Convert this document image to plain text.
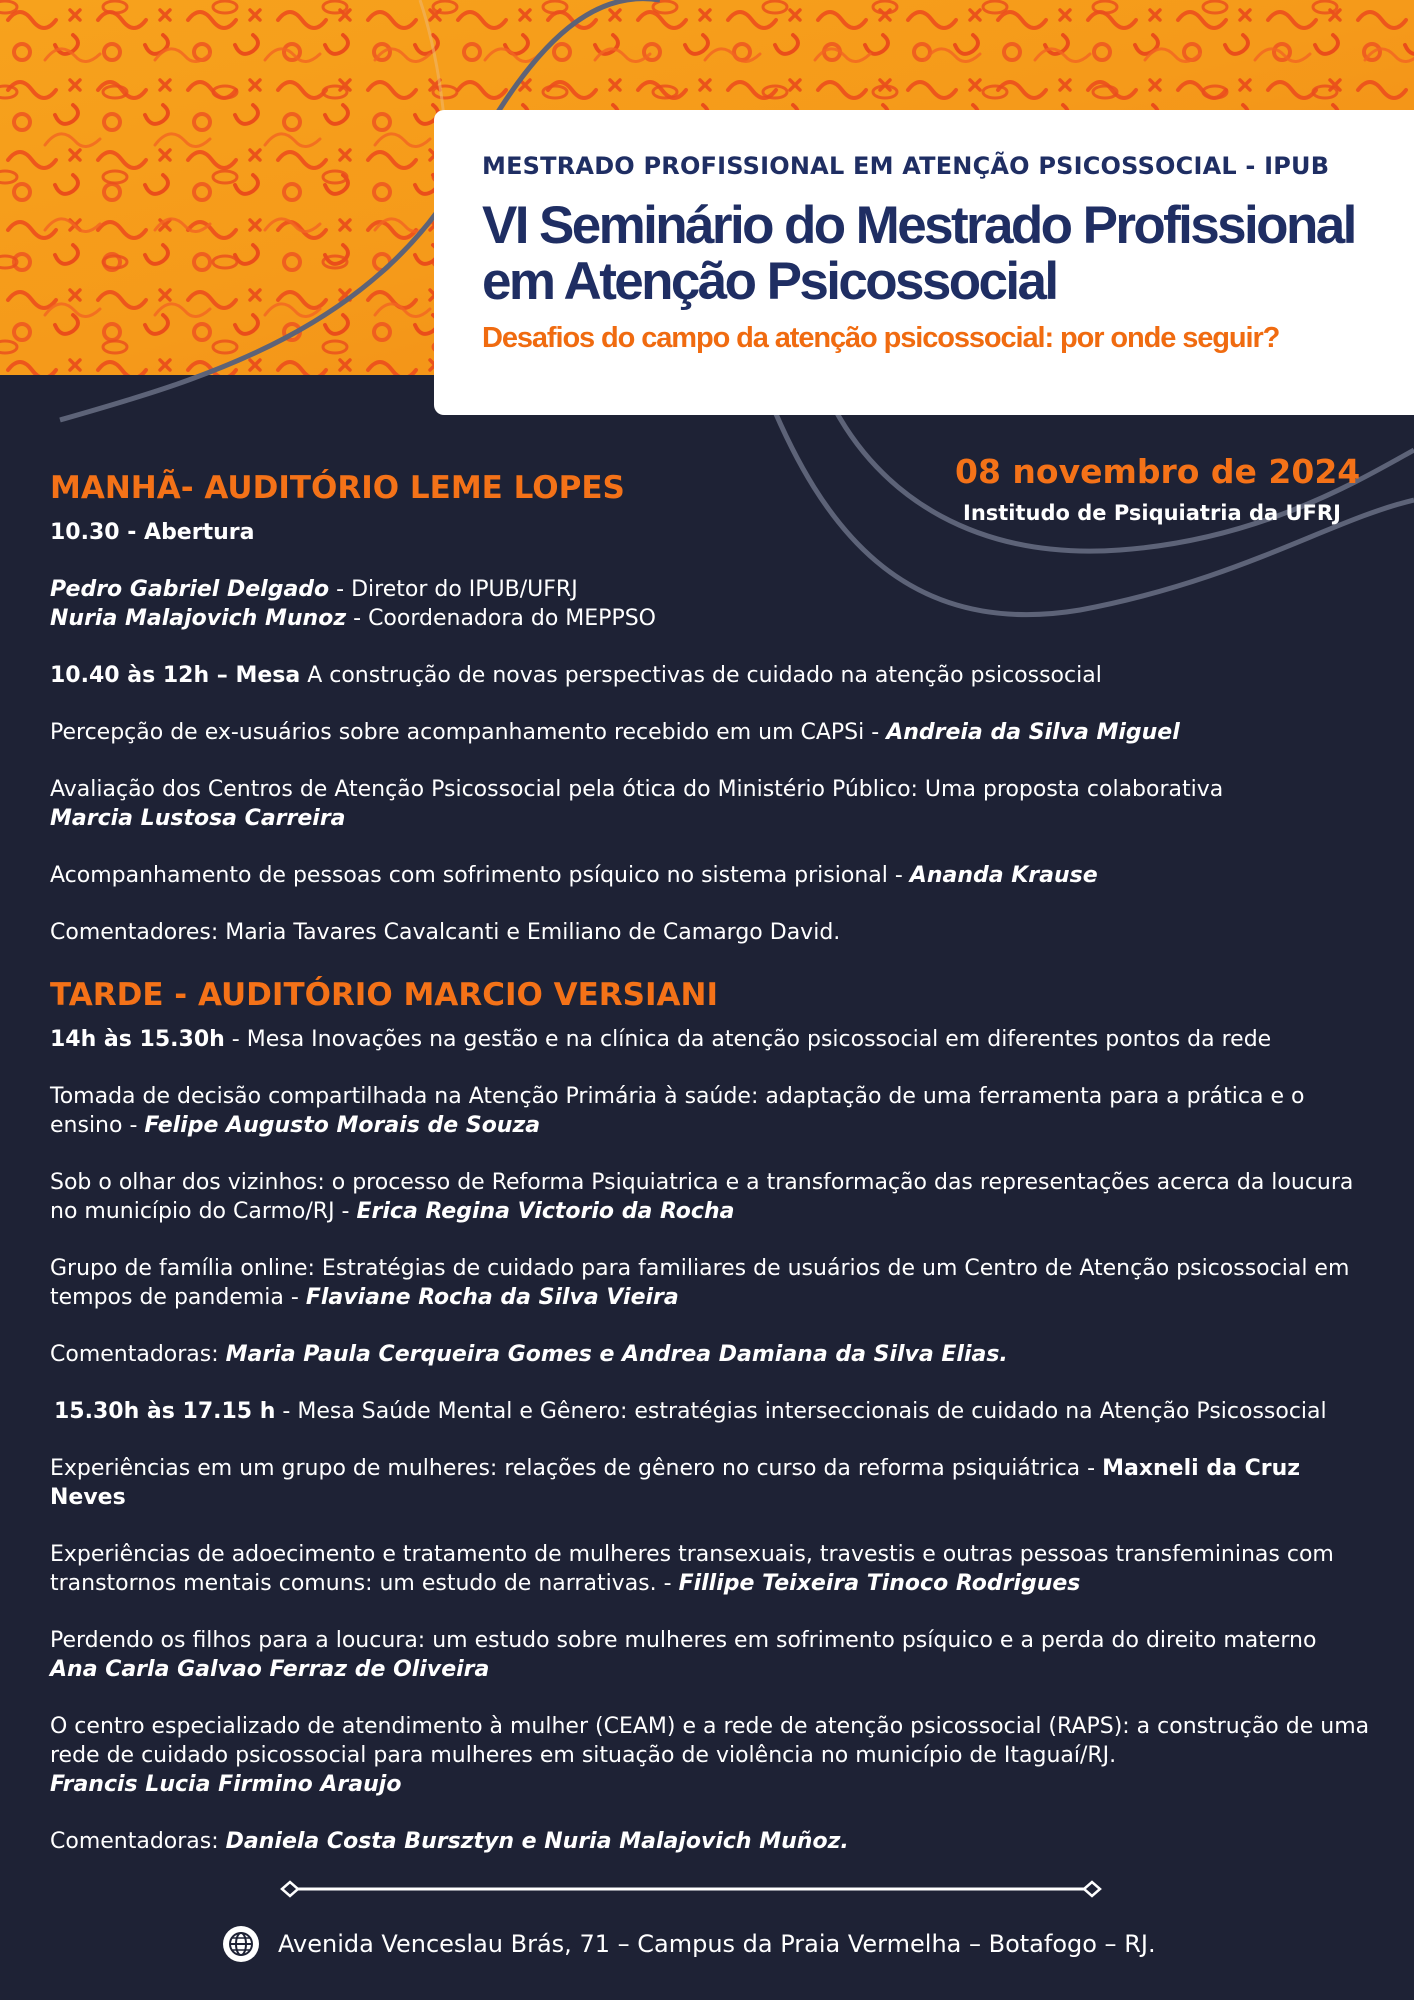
MESTRADO PROFISSIONAL EM ATENÇÃO PSICOSSOCIAL - IPUB
VI Seminário do Mestrado Profissional
em Atenção Psicossocial
Desafios do campo da atenção psicossocial: por onde seguir?
08 novembro de 2024
Institudo de Psiquiatria da UFRJ
MANHÃ- AUDITÓRIO LEME LOPES

10.30 - Abertura

Pedro Gabriel Delgado - Diretor do IPUB/UFRJ
Nuria Malajovich Munoz - Coordenadora do MEPPSO

10.40 às 12h – Mesa A construção de novas perspectivas de cuidado na atenção psicossocial

Percepção de ex-usuários sobre acompanhamento recebido em um CAPSi - Andreia da Silva Miguel

Avaliação dos Centros de Atenção Psicossocial pela ótica do Ministério Público: Uma proposta colaborativa
Marcia Lustosa Carreira

Acompanhamento de pessoas com sofrimento psíquico no sistema prisional - Ananda Krause

Comentadores: Maria Tavares Cavalcanti e Emiliano de Camargo David.

TARDE - AUDITÓRIO MARCIO VERSIANI

14h às 15.30h - Mesa Inovações na gestão e na clínica da atenção psicossocial em diferentes pontos da rede

Tomada de decisão compartilhada na Atenção Primária à saúde: adaptação de uma ferramenta para a prática e o ensino - Felipe Augusto Morais de Souza

Sob o olhar dos vizinhos: o processo de Reforma Psiquiatrica e a transformação das representações acerca da loucura no município do Carmo/RJ - Erica Regina Victorio da Rocha

Grupo de família online: Estratégias de cuidado para familiares de usuários de um Centro de Atenção psicossocial em tempos de pandemia - Flaviane Rocha da Silva Vieira

Comentadoras: Maria Paula Cerqueira Gomes e Andrea Damiana da Silva Elias.

15.30h às 17.15 h - Mesa Saúde Mental e Gênero: estratégias interseccionais de cuidado na Atenção Psicossocial

Experiências em um grupo de mulheres: relações de gênero no curso da reforma psiquiátrica - Maxneli da Cruz Neves

Experiências de adoecimento e tratamento de mulheres transexuais, travestis e outras pessoas transfemininas com transtornos mentais comuns: um estudo de narrativas. - Fillipe Teixeira Tinoco Rodrigues

Perdendo os filhos para a loucura: um estudo sobre mulheres em sofrimento psíquico e a perda do direito materno
Ana Carla Galvao Ferraz de Oliveira

O centro especializado de atendimento à mulher (CEAM) e a rede de atenção psicossocial (RAPS): a construção de uma rede de cuidado psicossocial para mulheres em situação de violência no município de Itaguaí/RJ.
Francis Lucia Firmino Araujo

Comentadoras: Daniela Costa Bursztyn e Nuria Malajovich Muñoz.

Avenida Venceslau Brás, 71 – Campus da Praia Vermelha – Botafogo – RJ.
